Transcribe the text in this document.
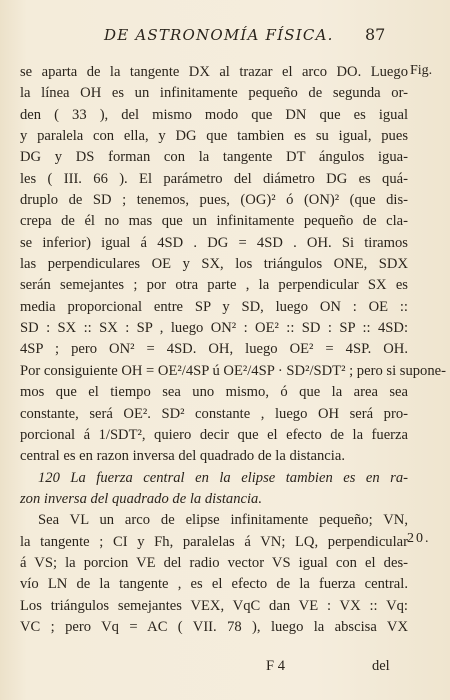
DE ASTRONOMÍA FÍSICA. 87
Fig.
20.
se aparta de la tangente DX al trazar el arco DO. Luego
la línea OH es un infinitamente pequeño de segunda or-
den ( 33 ), del mismo modo que DN que es igual
y paralela con ella, y DG que tambien es su igual, pues
DG y DS forman con la tangente DT ángulos igua-
les ( III. 66 ). El parámetro del diámetro DG es quá-
druplo de SD ; tenemos, pues, (OG)² ó (ON)² (que dis-
crepa de él no mas que un infinitamente pequeño de cla-
se inferior) igual á 4SD . DG = 4SD . OH. Si tiramos
las perpendiculares OE y SX, los triángulos ONE, SDX
serán semejantes ; por otra parte , la perpendicular SX es
media proporcional entre SP y SD, luego ON : OE ::
SD : SX :: SX : SP , luego ON² : OE² :: SD : SP :: 4SD:
4SP ; pero ON² = 4SD. OH, luego OE² = 4SP. OH.
Por consiguiente OH = OE²/4SP ú OE²/4SP · SD²/SDT² ; pero si supone-
mos que el tiempo sea uno mismo, ó que la area sea
constante, será OE². SD² constante , luego OH será pro-
porcional á 1/SDT², quiero decir que el efecto de la fuerza
central es en razon inversa del quadrado de la distancia.
120 La fuerza central en la elipse tambien es en ra-
zon inversa del quadrado de la distancia.
Sea VL un arco de elipse infinitamente pequeño; VN,
la tangente ; CI y Fh, paralelas á VN; LQ, perpendicular
á VS; la porcion VE del radio vector VS igual con el des-
vío LN de la tangente , es el efecto de la fuerza central.
Los triángulos semejantes VEX, VqC dan VE : VX :: Vq:
VC ; pero Vq = AC ( VII. 78 ), luego la abscisa VX
F 4	del
